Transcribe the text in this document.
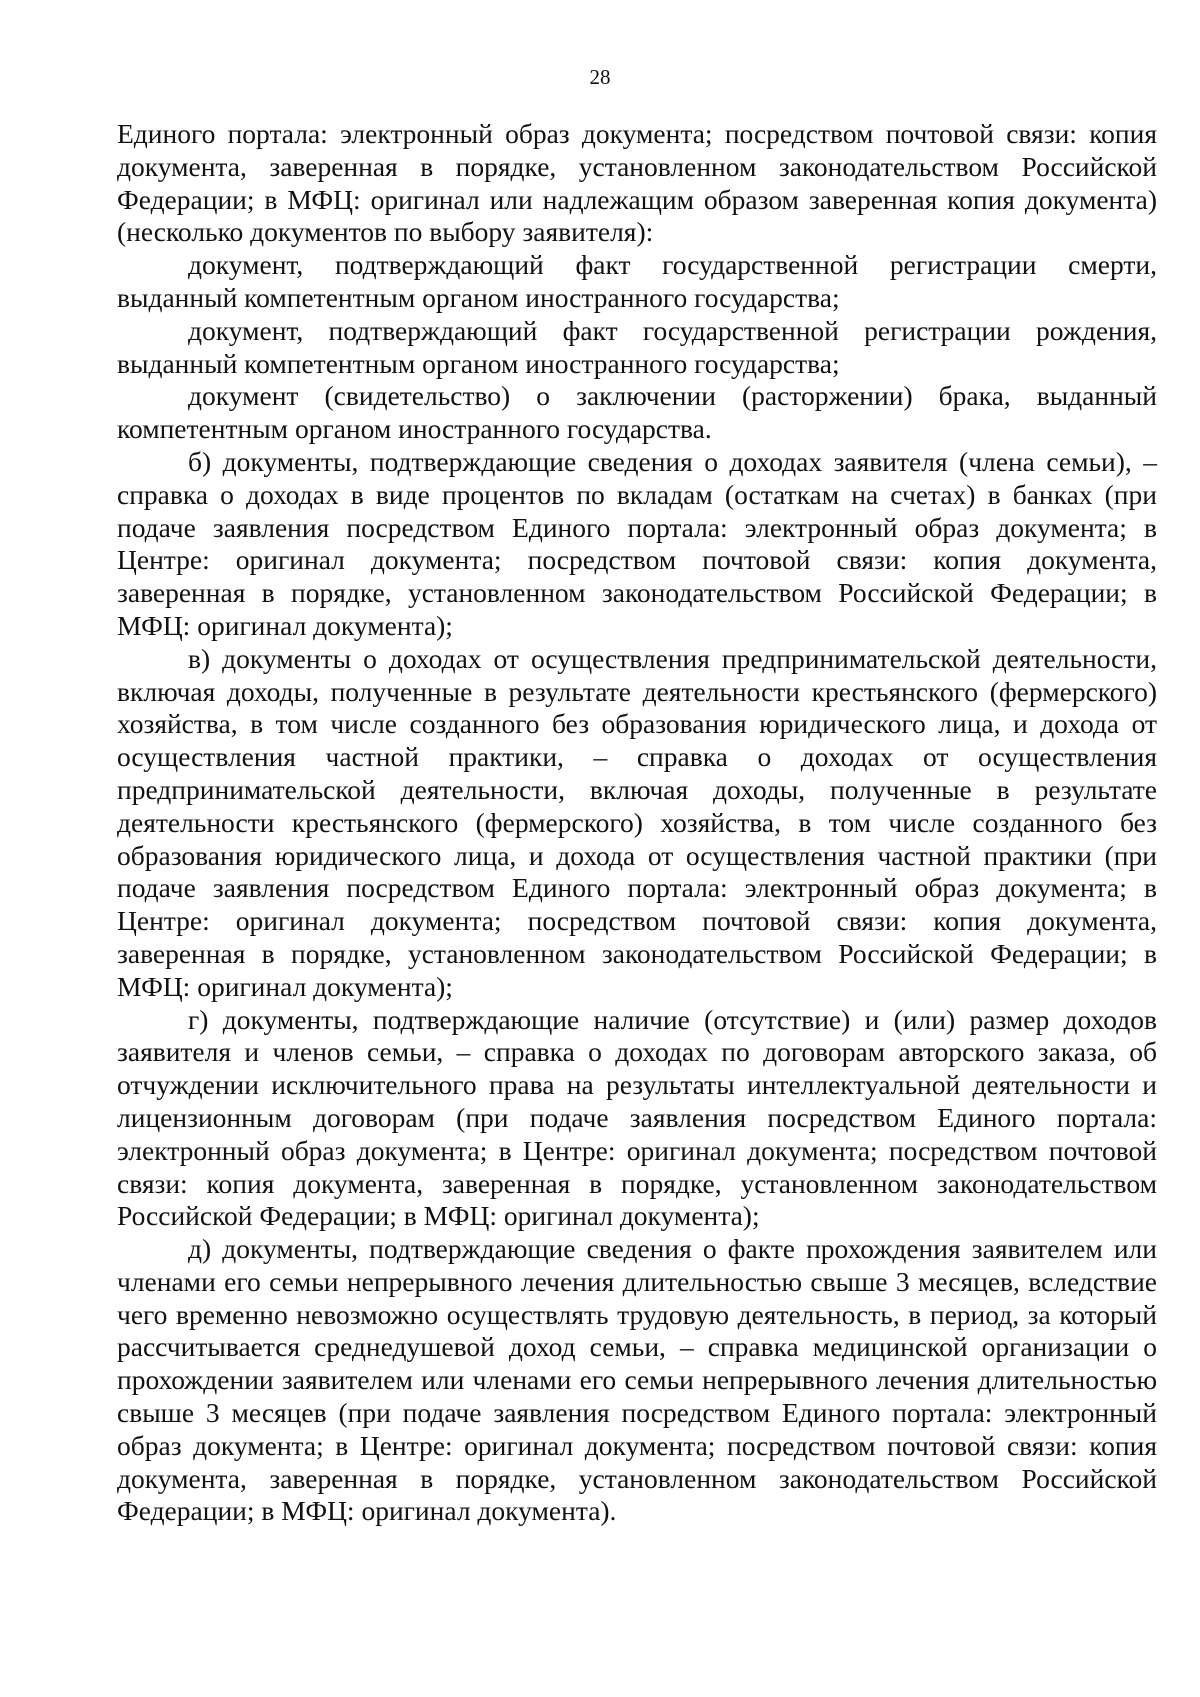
28

Единого портала: электронный образ документа; посредством почтовой связи: копия документа, заверенная в порядке, установленном законодательством Российской Федерации; в МФЦ: оригинал или надлежащим образом заверенная копия документа) (несколько документов по выбору заявителя):

документ, подтверждающий факт государственной регистрации смерти, выданный компетентным органом иностранного государства;

документ, подтверждающий факт государственной регистрации рождения, выданный компетентным органом иностранного государства;

документ (свидетельство) о заключении (расторжении) брака, выданный компетентным органом иностранного государства.

б) документы, подтверждающие сведения о доходах заявителя (члена семьи), – справка о доходах в виде процентов по вкладам (остаткам на счетах) в банках (при подаче заявления посредством Единого портала: электронный образ документа; в Центре: оригинал документа; посредством почтовой связи: копия документа, заверенная в порядке, установленном законодательством Российской Федерации; в МФЦ: оригинал документа);

в) документы о доходах от осуществления предпринимательской деятельности, включая доходы, полученные в результате деятельности крестьянского (фермерского) хозяйства, в том числе созданного без образования юридического лица, и дохода от осуществления частной практики, – справка о доходах от осуществления предпринимательской деятельности, включая доходы, полученные в результате деятельности крестьянского (фермерского) хозяйства, в том числе созданного без образования юридического лица, и дохода от осуществления частной практики (при подаче заявления посредством Единого портала: электронный образ документа; в Центре: оригинал документа; посредством почтовой связи: копия документа, заверенная в порядке, установленном законодательством Российской Федерации; в МФЦ: оригинал документа);

г) документы, подтверждающие наличие (отсутствие) и (или) размер доходов заявителя и членов семьи, – справка о доходах по договорам авторского заказа, об отчуждении исключительного права на результаты интеллектуальной деятельности и лицензионным договорам (при подаче заявления посредством Единого портала: электронный образ документа; в Центре: оригинал документа; посредством почтовой связи: копия документа, заверенная в порядке, установленном законодательством Российской Федерации; в МФЦ: оригинал документа);

д) документы, подтверждающие сведения о факте прохождения заявителем или членами его семьи непрерывного лечения длительностью свыше 3 месяцев, вследствие чего временно невозможно осуществлять трудовую деятельность, в период, за который рассчитывается среднедушевой доход семьи, – справка медицинской организации о прохождении заявителем или членами его семьи непрерывного лечения длительностью свыше 3 месяцев (при подаче заявления посредством Единого портала: электронный образ документа; в Центре: оригинал документа; посредством почтовой связи: копия документа, заверенная в порядке, установленном законодательством Российской Федерации; в МФЦ: оригинал документа).
